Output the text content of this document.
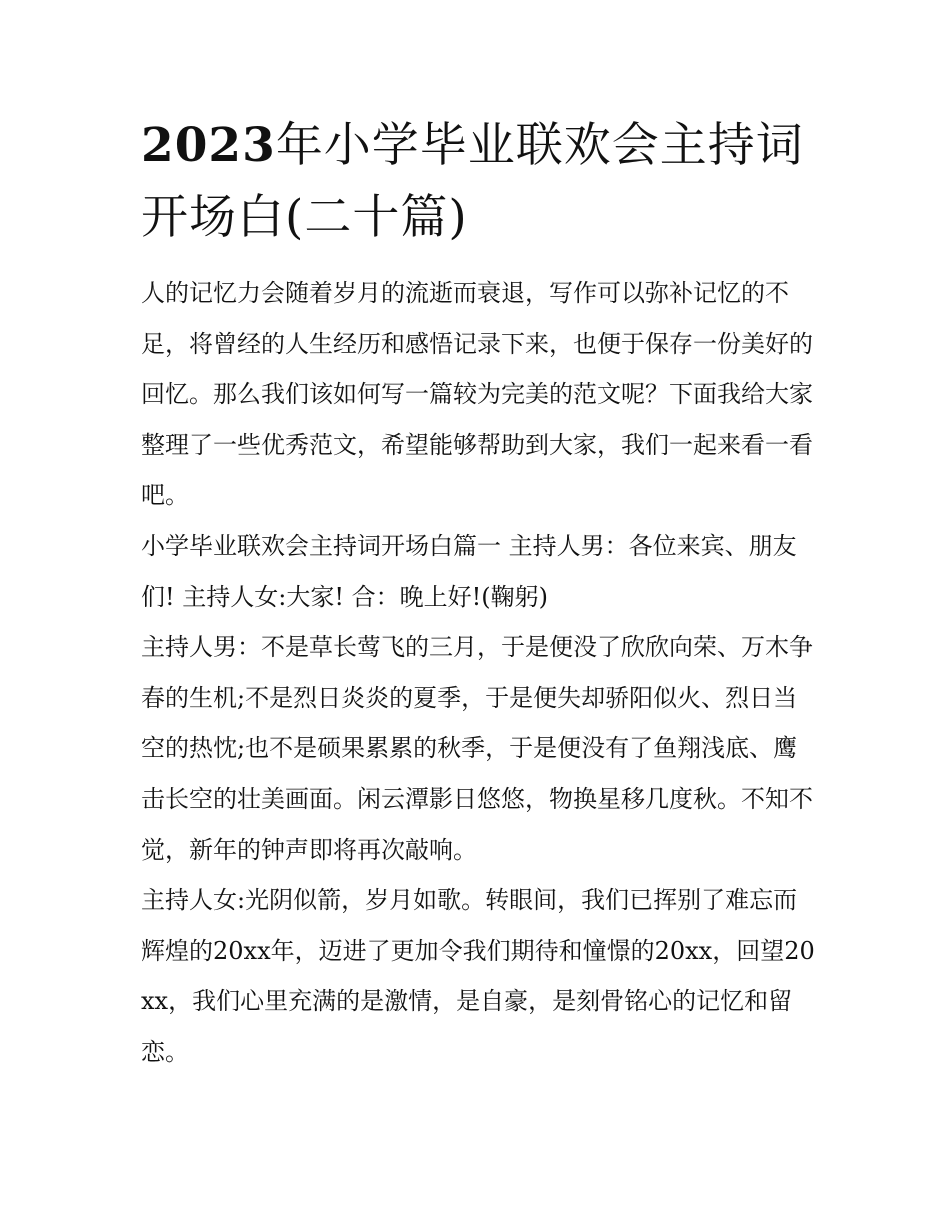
2023年小学毕业联欢会主持词开场白(二十篇)

人的记忆力会随着岁月的流逝而衰退，写作可以弥补记忆的不足，将曾经的人生经历和感悟记录下来，也便于保存一份美好的回忆。那么我们该如何写一篇较为完美的范文呢？下面我给大家整理了一些优秀范文，希望能够帮助到大家，我们一起来看一看吧。

小学毕业联欢会主持词开场白篇一 主持人男：各位来宾、朋友们! 主持人女:大家! 合：晚上好!(鞠躬)

主持人男：不是草长莺飞的三月，于是便没了欣欣向荣、万木争春的生机;不是烈日炎炎的夏季，于是便失却骄阳似火、烈日当空的热忱;也不是硕果累累的秋季，于是便没有了鱼翔浅底、鹰击长空的壮美画面。闲云潭影日悠悠，物换星移几度秋。不知不觉，新年的钟声即将再次敲响。

主持人女:光阴似箭，岁月如歌。转眼间，我们已挥别了难忘而辉煌的20xx年，迈进了更加令我们期待和憧憬的20xx，回望20xx，我们心里充满的是激情，是自豪，是刻骨铭心的记忆和留恋。
